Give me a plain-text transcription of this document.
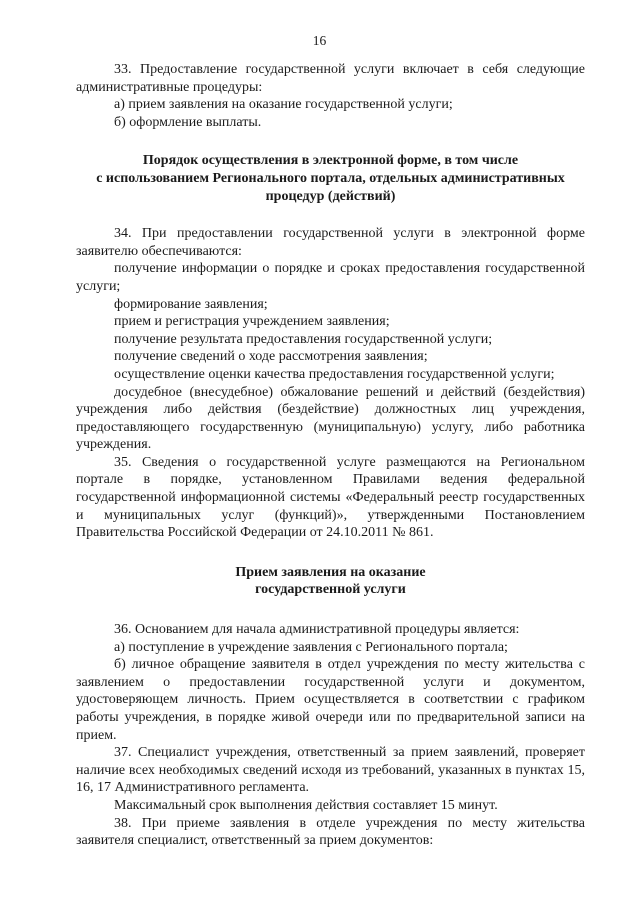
16

33. Предоставление государственной услуги включает в себя следующие административные процедуры:

а) прием заявления на оказание государственной услуги;

б) оформление выплаты.

Порядок осуществления в электронной форме, в том числе

с использованием Регионального портала, отдельных административных

процедур (действий)

34. При предоставлении государственной услуги в электронной форме заявителю обеспечиваются:

получение информации о порядке и сроках предоставления государственной услуги;

формирование заявления;

прием и регистрация учреждением заявления;

получение результата предоставления государственной услуги;

получение сведений о ходе рассмотрения заявления;

осуществление оценки качества предоставления государственной услуги;

досудебное (внесудебное) обжалование решений и действий (бездействия) учреждения либо действия (бездействие) должностных лиц учреждения, предоставляющего государственную (муниципальную) услугу, либо работника учреждения.

35. Сведения о государственной услуге размещаются на Региональном портале в порядке, установленном Правилами ведения федеральной государственной информационной системы «Федеральный реестр государственных и муниципальных услуг (функций)», утвержденными Постановлением Правительства Российской Федерации от 24.10.2011 № 861.

Прием заявления на оказание

государственной услуги

36. Основанием для начала административной процедуры является:

а) поступление в учреждение заявления с Регионального портала;

б) личное обращение заявителя в отдел учреждения по месту жительства с заявлением о предоставлении государственной услуги и документом, удостоверяющем личность. Прием осуществляется в соответствии с графиком работы учреждения, в порядке живой очереди или по предварительной записи на прием.

37. Специалист учреждения, ответственный за прием заявлений, проверяет наличие всех необходимых сведений исходя из требований, указанных в пунктах 15, 16, 17 Административного регламента.

Максимальный срок выполнения действия составляет 15 минут.

38. При приеме заявления в отделе учреждения по месту жительства заявителя специалист, ответственный за прием документов:
